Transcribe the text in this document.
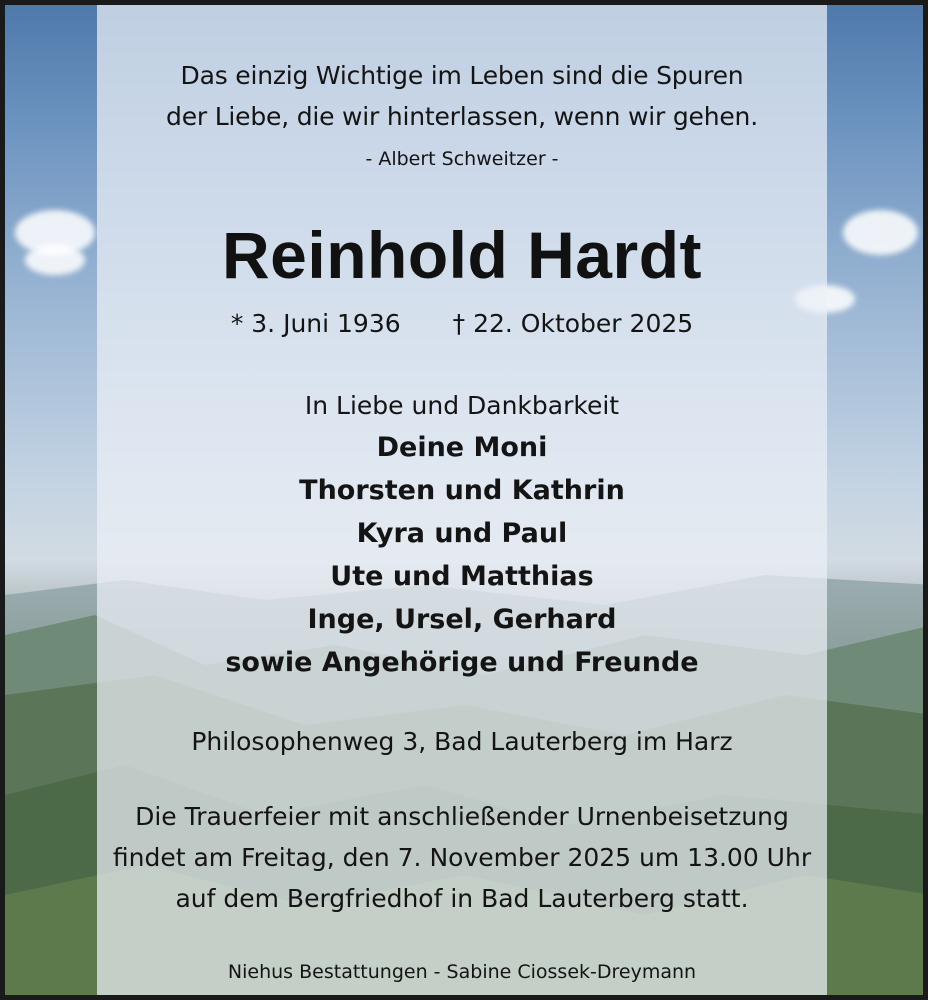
Das einzig Wichtige im Leben sind die Spuren
der Liebe, die wir hinterlassen, wenn wir gehen.
- Albert Schweitzer -
Reinhold Hardt
* 3. Juni 1936 † 22. Oktober 2025
In Liebe und Dankbarkeit
Deine Moni
Thorsten und Kathrin
Kyra und Paul
Ute und Matthias
Inge, Ursel, Gerhard
sowie Angehörige und Freunde
Philosophenweg 3, Bad Lauterberg im Harz
Die Trauerfeier mit anschließender Urnenbeisetzung
findet am Freitag, den 7. November 2025 um 13.00 Uhr
auf dem Bergfriedhof in Bad Lauterberg statt.
Niehus Bestattungen - Sabine Ciossek-Dreymann
